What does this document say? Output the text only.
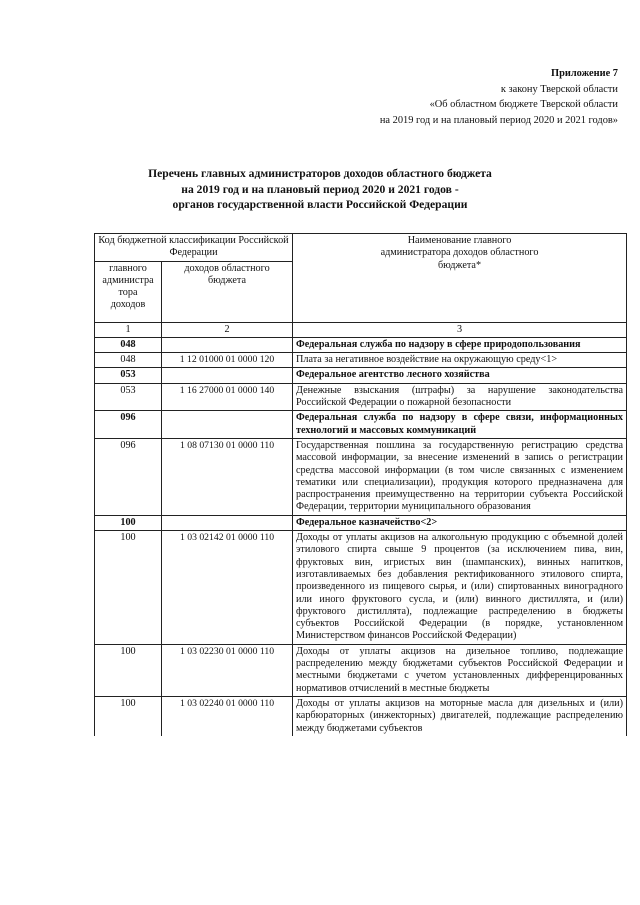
Приложение 7
к закону Тверской области
«Об областном бюджете Тверской области
на 2019 год и на плановый период 2020 и 2021 годов»
Перечень главных администраторов доходов областного бюджета
на 2019 год и на плановый период 2020 и 2021 годов -
органов государственной власти Российской Федерации
Код бюджетной классификации Российской Федерации		Наименование главного администратора доходов областного бюджета*

главного администра тора доходов	доходов областного бюджета	

1	2	3
048		Федеральная служба по надзору в сфере природопользования
048	1 12 01000 01 0000 120	Плата за негативное воздействие на окружающую среду<1>
053		Федеральное агентство лесного хозяйства
053	1 16 27000 01 0000 140	Денежные взыскания (штрафы) за нарушение законодательства Российской Федерации о пожарной безопасности
096		Федеральная служба по надзору в сфере связи, информационных технологий и массовых коммуникаций
096	1 08 07130 01 0000 110	Государственная пошлина за государственную регистрацию средства массовой информации, за внесение изменений в запись о регистрации средства массовой информации (в том числе связанных с изменением тематики или специализации), продукция которого предназначена для распространения преимущественно на территории субъекта Российской Федерации, территории муниципального образования
100		Федеральное казначейство<2>
100	1 03 02142 01 0000 110	Доходы от уплаты акцизов на алкогольную продукцию с объемной долей этилового спирта свыше 9 процентов (за исключением пива, вин, фруктовых вин, игристых вин (шампанских), винных напитков, изготавливаемых без добавления ректификованного этилового спирта, произведенного из пищевого сырья, и (или) спиртованных виноградного или иного фруктового сусла, и (или) винного дистиллята, и (или) фруктового дистиллята), подлежащие распределению в бюджеты субъектов Российской Федерации (в порядке, установленном Министерством финансов Российской Федерации)
100	1 03 02230 01 0000 110	Доходы от уплаты акцизов на дизельное топливо, подлежащие распределению между бюджетами субъектов Российской Федерации и местными бюджетами с учетом установленных дифференцированных нормативов отчислений в местные бюджеты
100	1 03 02240 01 0000 110	Доходы от уплаты акцизов на моторные масла для дизельных и (или) карбюраторных (инжекторных) двигателей, подлежащие распределению между бюджетами субъектов
